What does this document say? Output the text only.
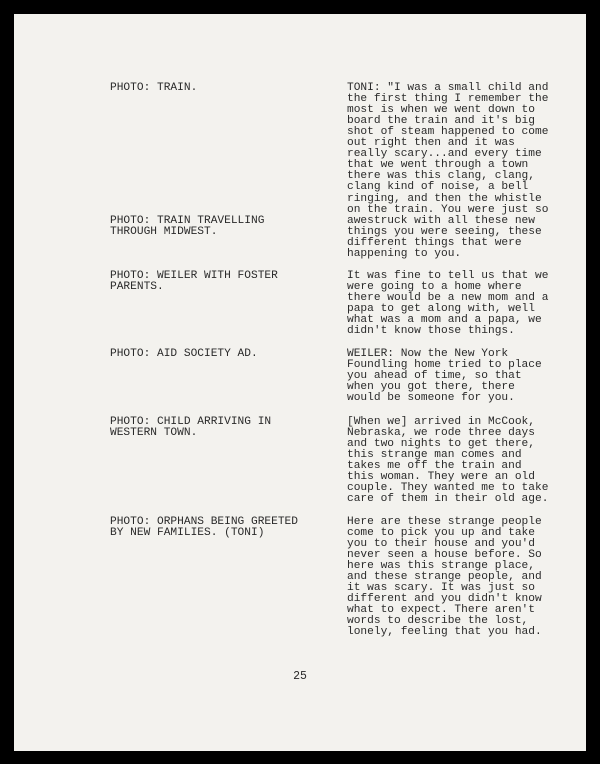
PHOTO: TRAIN.

PHOTO: TRAIN TRAVELLING

THROUGH MIDWEST.

PHOTO: WEILER WITH FOSTER

PARENTS.

PHOTO: AID SOCIETY AD.

PHOTO: CHILD ARRIVING IN

WESTERN TOWN.

PHOTO: ORPHANS BEING GREETED

BY NEW FAMILIES. (TONI)

TONI: "I was a small child and

the first thing I remember the

most is when we went down to

board the train and it's big

shot of steam happened to come

out right then and it was

really scary...and every time

that we went through a town

there was this clang, clang,

clang kind of noise, a bell

ringing, and then the whistle

on the train. You were just so

awestruck with all these new

things you were seeing, these

different things that were

happening to you.

It was fine to tell us that we

were going to a home where

there would be a new mom and a

papa to get along with, well

what was a mom and a papa, we

didn't know those things.

WEILER: Now the New York

Foundling home tried to place

you ahead of time, so that

when you got there, there

would be someone for you.

[When we] arrived in McCook,

Nebraska, we rode three days

and two nights to get there,

this strange man comes and

takes me off the train and

this woman. They were an old

couple. They wanted me to take

care of them in their old age.

Here are these strange people

come to pick you up and take

you to their house and you'd

never seen a house before. So

here was this strange place,

and these strange people, and

it was scary. It was just so

different and you didn't know

what to expect. There aren't

words to describe the lost,

lonely, feeling that you had.

25
